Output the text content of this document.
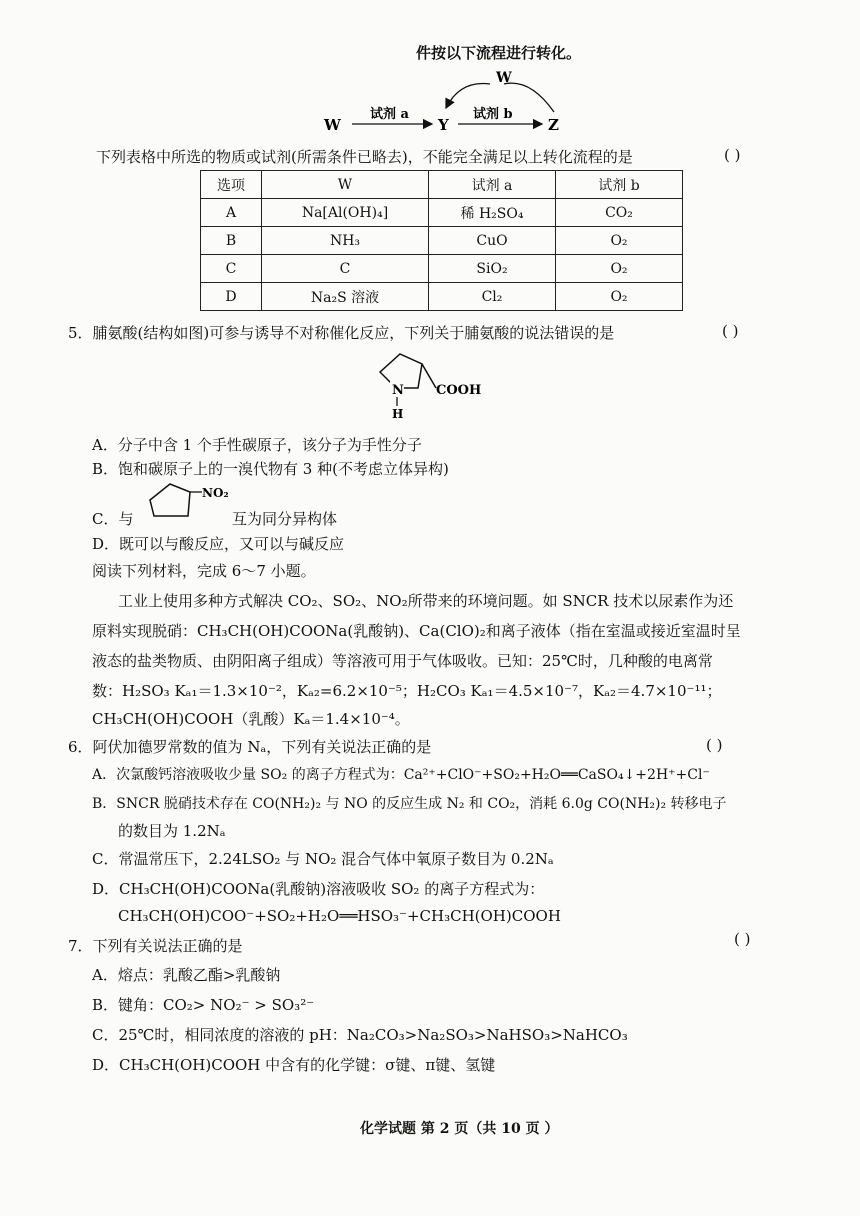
件按以下流程进行转化。
W
试剂 a
Y
试剂 b
Z
W
下列表格中所选的物质或试剂(所需条件已略去)，不能完全满足以上转化流程的是	( )
选项	W	试剂 a	试剂 b
A	Na[Al(OH)₄]	稀 H₂SO₄	CO₂
B	NH₃	CuO	O₂
C	C	SiO₂	O₂
D	Na₂S 溶液	Cl₂	O₂
5．脯氨酸(结构如图)可参与诱导不对称催化反应，下列关于脯氨酸的说法错误的是	( )
N
H
COOH
A．分子中含 1 个手性碳原子，该分子为手性分子
B．饱和碳原子上的一溴代物有 3 种(不考虑立体异构)
NO₂
C．与	互为同分异构体
D．既可以与酸反应，又可以与碱反应
阅读下列材料，完成 6～7 小题。
工业上使用多种方式解决 CO₂、SO₂、NO₂所带来的环境问题。如 SNCR 技术以尿素作为还
原料实现脱硝：CH₃CH(OH)COONa(乳酸钠)、Ca(ClO)₂和离子液体（指在室温或接近室温时呈
液态的盐类物质、由阴阳离子组成）等溶液可用于气体吸收。已知：25℃时，几种酸的电离常
数：H₂SO₃ Kₐ₁＝1.3×10⁻²，Kₐ₂=6.2×10⁻⁵；H₂CO₃ Kₐ₁＝4.5×10⁻⁷，Kₐ₂＝4.7×10⁻¹¹；
CH₃CH(OH)COOH（乳酸）Kₐ＝1.4×10⁻⁴。
6．阿伏加德罗常数的值为 Nₐ，下列有关说法正确的是	( )
A．次氯酸钙溶液吸收少量 SO₂ 的离子方程式为：Ca²⁺+ClO⁻+SO₂+H₂O══CaSO₄↓+2H⁺+Cl⁻
B．SNCR 脱硝技术存在 CO(NH₂)₂ 与 NO 的反应生成 N₂ 和 CO₂，消耗 6.0g CO(NH₂)₂ 转移电子
的数目为 1.2Nₐ
C．常温常压下，2.24LSO₂ 与 NO₂ 混合气体中氧原子数目为 0.2Nₐ
D．CH₃CH(OH)COONa(乳酸钠)溶液吸收 SO₂ 的离子方程式为：
CH₃CH(OH)COO⁻+SO₂+H₂O══HSO₃⁻+CH₃CH(OH)COOH
7．下列有关说法正确的是	( )
A．熔点：乳酸乙酯>乳酸钠
B．键角：CO₂> NO₂⁻ > SO₃²⁻
C．25℃时，相同浓度的溶液的 pH：Na₂CO₃>Na₂SO₃>NaHSO₃>NaHCO₃
D．CH₃CH(OH)COOH 中含有的化学键：σ键、π键、氢键
化学试题 第 2 页（共 10 页 ）
